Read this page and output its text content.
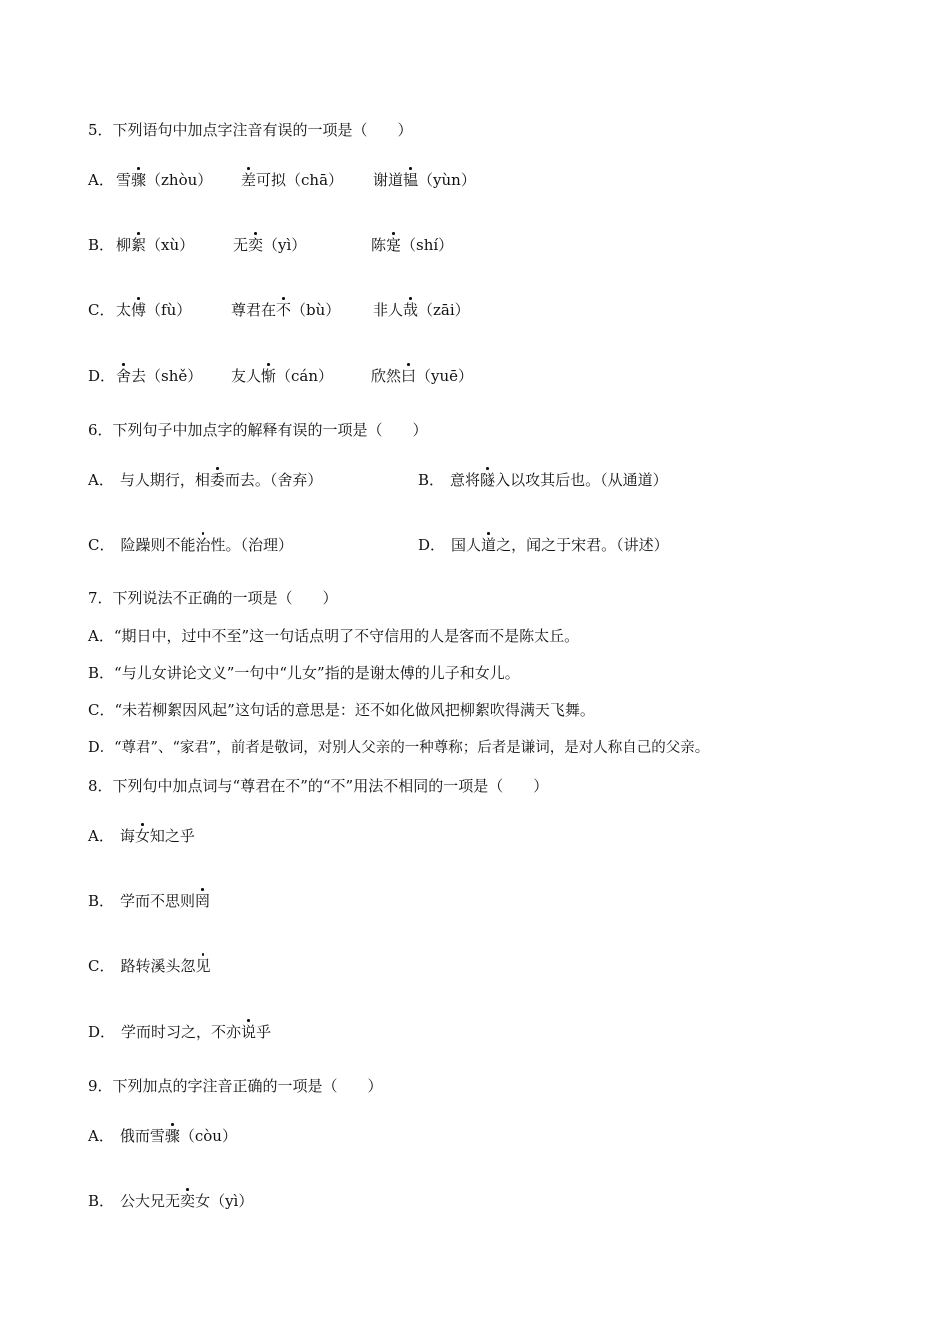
5．下列语句中加点字注音有误的一项是（　　）
A． 雪骤（zhòu） 差可拟（chā） 谢道韫（yùn）
B． 柳絮（xù）	无奕（yì）	陈寔（shí）
C． 太傅（fù）	尊君在不（bù） 非人哉（zāi）
D． 舍去（shě） 友人惭（cán）	欣然曰（yuē）
6．下列句子中加点字的解释有误的一项是（　　）
A． 与人期行，相委而去。（舍弃）	B． 意将隧入以攻其后也。（从通道）
C． 险躁则不能治性。（治理）	D． 国人道之，闻之于宋君。（讲述）
7．下列说法不正确的一项是（　　）
A．“期日中，过中不至”这一句话点明了不守信用的人是客而不是陈太丘。
B．“与儿女讲论文义”一句中“儿女”指的是谢太傅的儿子和女儿。
C．“未若柳絮因风起”这句话的意思是：还不如化做风把柳絮吹得满天飞舞。
D．“尊君”、“家君”，前者是敬词，对别人父亲的一种尊称；后者是谦词，是对人称自己的父亲。
8．下列句中加点词与“尊君在不”的“不”用法不相同的一项是（　　）
A． 诲女知之乎
B． 学而不思则罔
C． 路转溪头忽见
D． 学而时习之，不亦说乎
9．下列加点的字注音正确的一项是（　　）
A． 俄而雪骤（còu）
B． 公大兄无奕女（yì）
